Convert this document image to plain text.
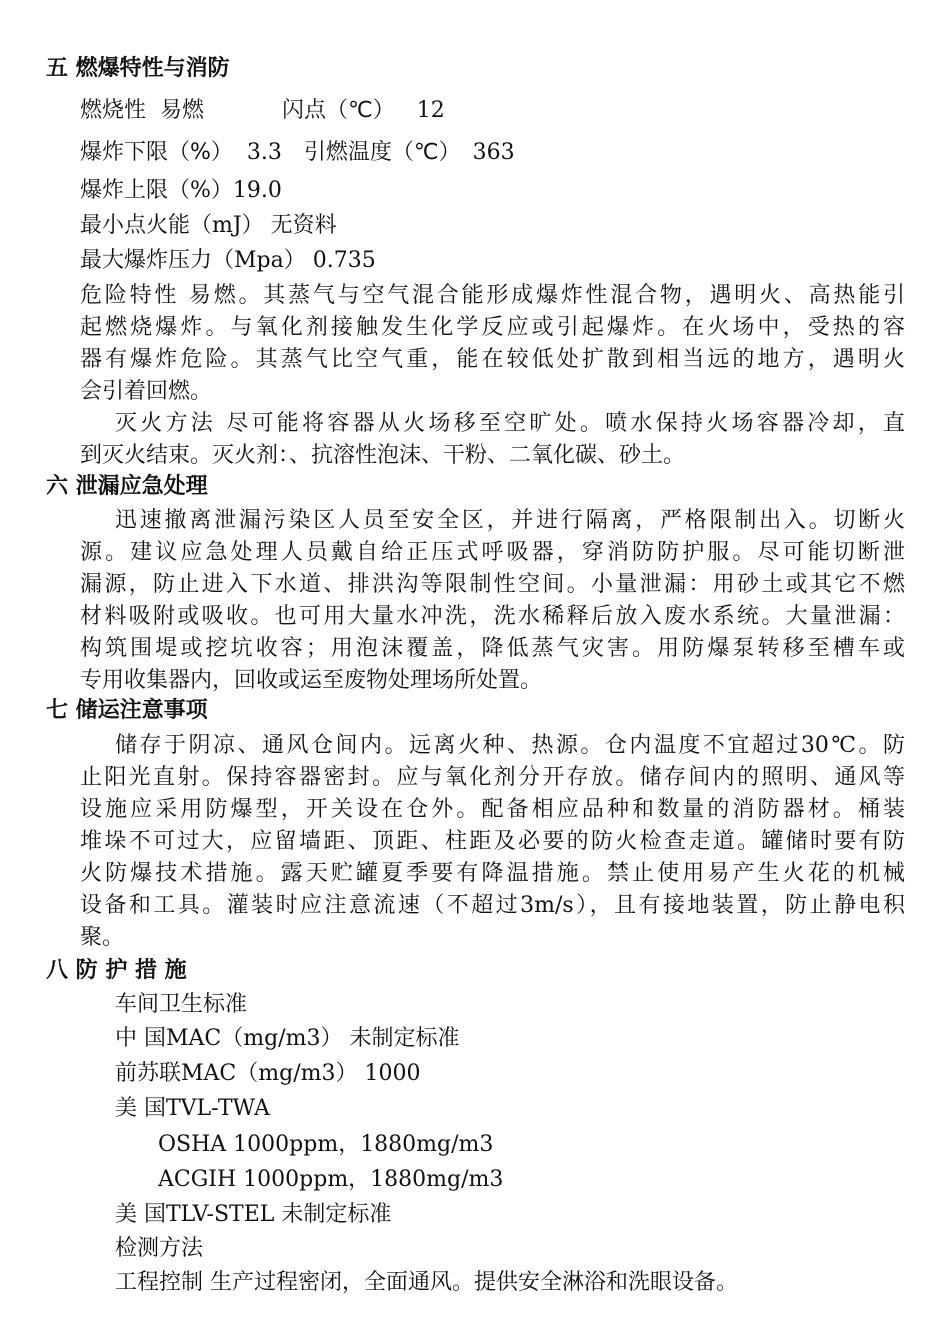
五 燃爆特性与消防
燃烧性 易燃	闪点（℃） 12
爆炸下限（%） 3.3 引燃温度（℃） 363
爆炸上限（%）19.0
最小点火能（mJ） 无资料
最大爆炸压力（Mpa） 0.735
危险特性 易燃。其蒸气与空气混合能形成爆炸性混合物，遇明火、高热能引
起燃烧爆炸。与氧化剂接触发生化学反应或引起爆炸。在火场中，受热的容
器有爆炸危险。其蒸气比空气重，能在较低处扩散到相当远的地方，遇明火
会引着回燃。
灭火方法 尽可能将容器从火场移至空旷处。喷水保持火场容器冷却，直
到灭火结束。灭火剂：、抗溶性泡沫、干粉、二氧化碳、砂土。
六 泄漏应急处理
迅速撤离泄漏污染区人员至安全区，并进行隔离，严格限制出入。切断火
源。建议应急处理人员戴自给正压式呼吸器，穿消防防护服。尽可能切断泄
漏源，防止进入下水道、排洪沟等限制性空间。小量泄漏：用砂土或其它不燃
材料吸附或吸收。也可用大量水冲洗，洗水稀释后放入废水系统。大量泄漏：
构筑围堤或挖坑收容；用泡沫覆盖，降低蒸气灾害。用防爆泵转移至槽车或
专用收集器内，回收或运至废物处理场所处置。
七 储运注意事项
储存于阴凉、通风仓间内。远离火种、热源。仓内温度不宜超过30℃。防
止阳光直射。保持容器密封。应与氧化剂分开存放。储存间内的照明、通风等
设施应采用防爆型，开关设在仓外。配备相应品种和数量的消防器材。桶装
堆垛不可过大，应留墙距、顶距、柱距及必要的防火检查走道。罐储时要有防
火防爆技术措施。露天贮罐夏季要有降温措施。禁止使用易产生火花的机械
设备和工具。灌装时应注意流速（不超过3m/s），且有接地装置，防止静电积
聚。
八 防 护 措 施
车间卫生标准
中 国MAC（mg/m3） 未制定标准
前苏联MAC（mg/m3） 1000
美 国TVL-TWA
OSHA 1000ppm，1880mg/m3
ACGIH 1000ppm，1880mg/m3
美 国TLV-STEL 未制定标准
检测方法
工程控制 生产过程密闭，全面通风。提供安全淋浴和洗眼设备。
